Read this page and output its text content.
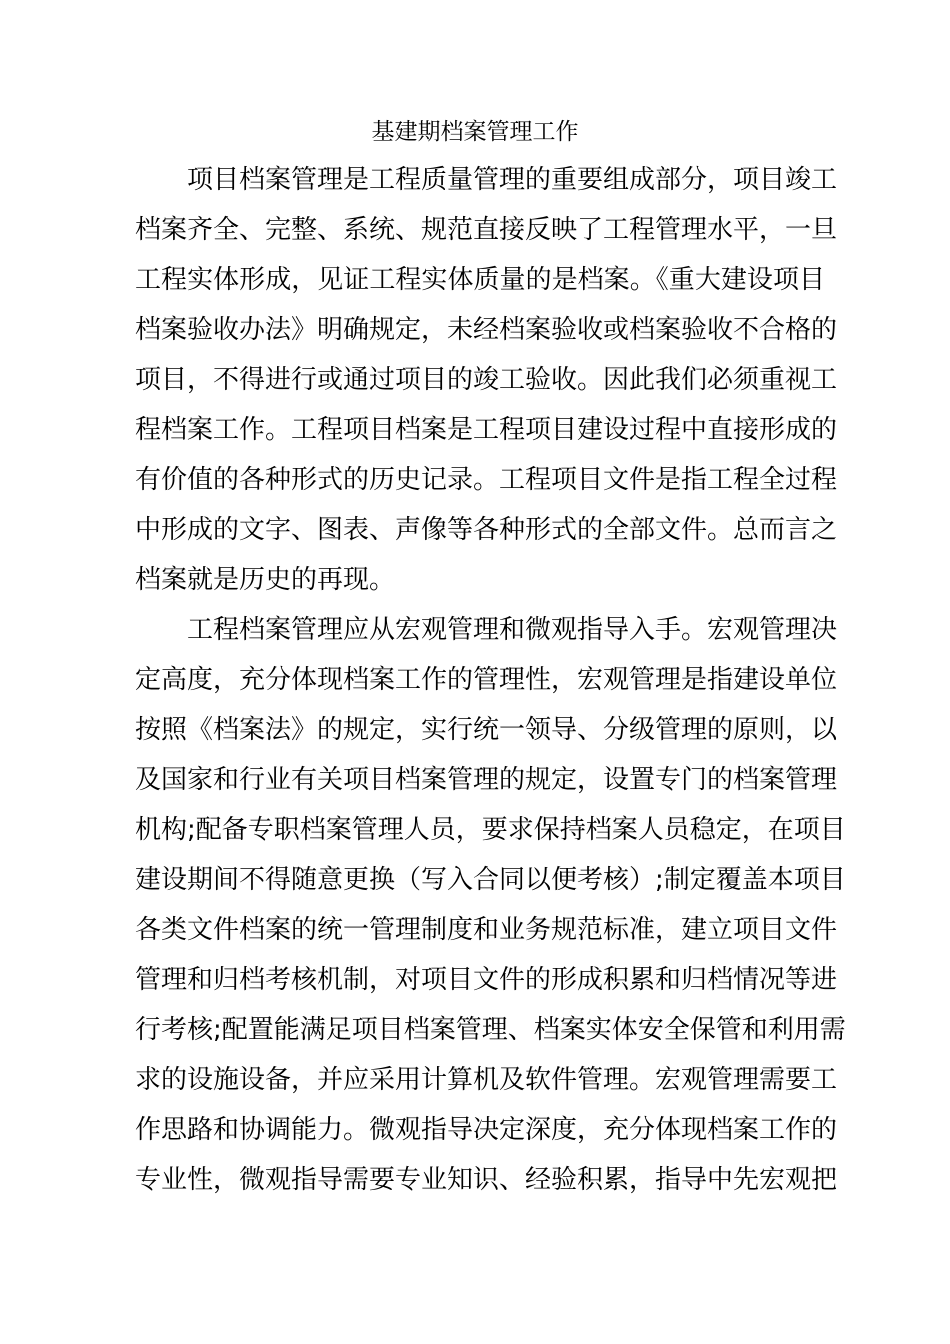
基建期档案管理工作
项目档案管理是工程质量管理的重要组成部分，项目竣工
档案齐全、完整、系统、规范直接反映了工程管理水平，一旦
工程实体形成，见证工程实体质量的是档案。《重大建设项目
档案验收办法》明确规定，未经档案验收或档案验收不合格的
项目，不得进行或通过项目的竣工验收。因此我们必须重视工
程档案工作。工程项目档案是工程项目建设过程中直接形成的
有价值的各种形式的历史记录。工程项目文件是指工程全过程
中形成的文字、图表、声像等各种形式的全部文件。总而言之
档案就是历史的再现。
工程档案管理应从宏观管理和微观指导入手。宏观管理决
定高度，充分体现档案工作的管理性，宏观管理是指建设单位
按照《档案法》的规定，实行统一领导、分级管理的原则，以
及国家和行业有关项目档案管理的规定，设置专门的档案管理
机构;配备专职档案管理人员，要求保持档案人员稳定，在项目
建设期间不得随意更换（写入合同以便考核）;制定覆盖本项目
各类文件档案的统一管理制度和业务规范标准，建立项目文件
管理和归档考核机制，对项目文件的形成积累和归档情况等进
行考核;配置能满足项目档案管理、档案实体安全保管和利用需
求的设施设备，并应采用计算机及软件管理。宏观管理需要工
作思路和协调能力。微观指导决定深度，充分体现档案工作的
专业性，微观指导需要专业知识、经验积累，指导中先宏观把
